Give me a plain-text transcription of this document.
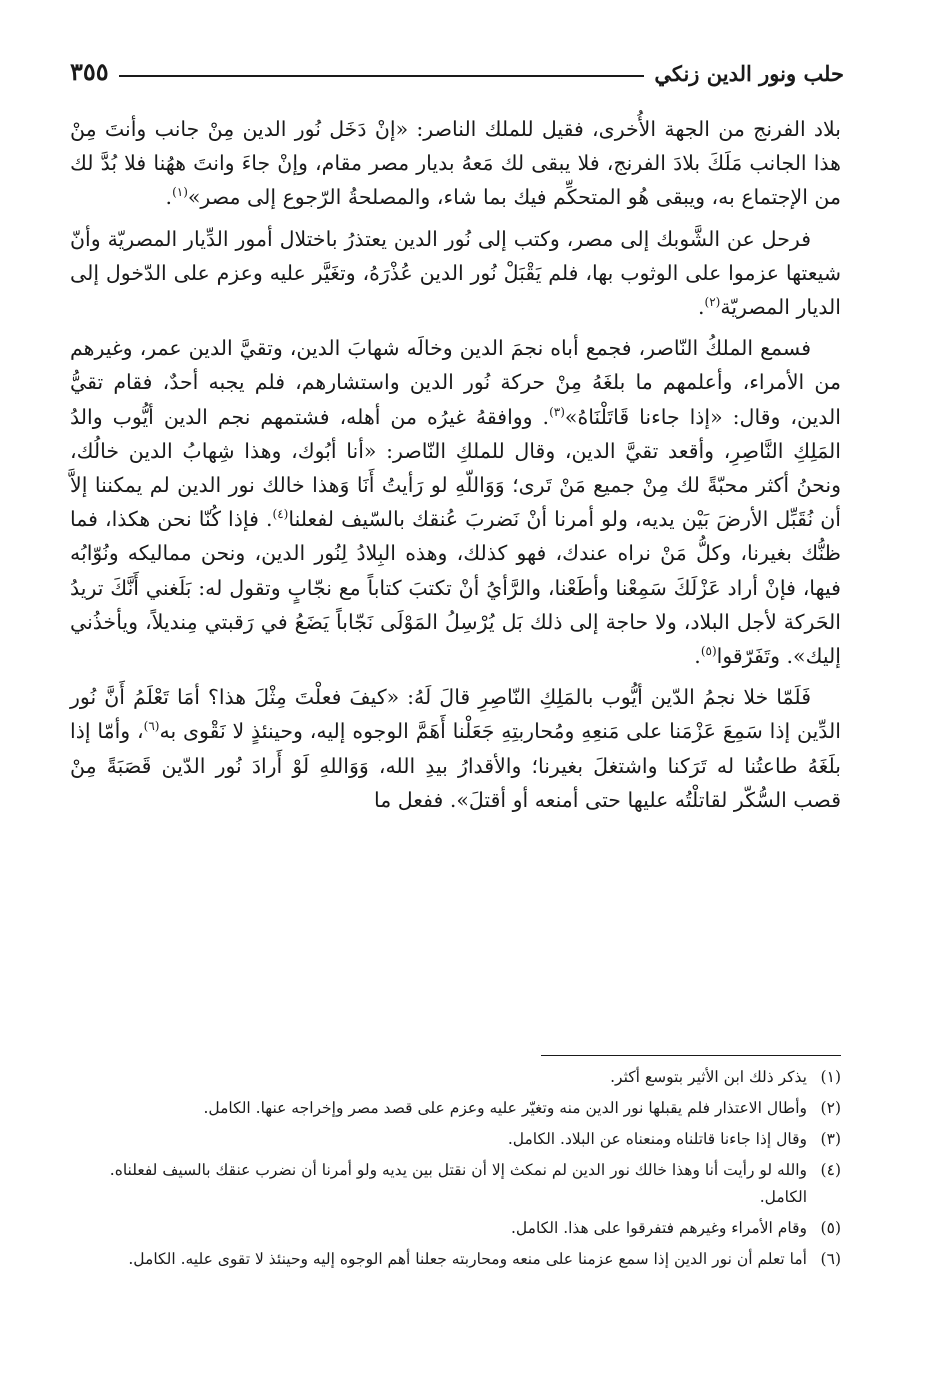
حلب ونور الدين زنكي
٣٥٥

بلاد الفرنج من الجهة الأُخرى، فقيل للملك الناصر: «إنْ دَخَل نُور الدين مِنْ جانب وأنتَ مِنْ هذا الجانب مَلَكَ بلادَ الفرنج، فلا يبقى لك مَعهُ بديار مصر مقام، وإنْ جاءَ وانتَ ههُنا فلا بُدَّ لك من الإجتماع به، ويبقى هُو المتحكِّم فيك بما شاء، والمصلحةُ الرّجوع إلى مصر»$^{(١)}$.

فرحل عن الشَّوبك إلى مصر، وكتب إلى نُور الدين يعتذرُ باختلال أمور الدِّيار المصريّة وأنّ شيعتها عزموا على الوثوب بها، فلم يَقْبَلْ نُور الدين عُذْرَهُ، وتغَيَّر عليه وعزم على الدّخول إلى الديار المصريّة$^{(٢)}$.

فسمع الملكُ النّاصر، فجمع أباه نجمَ الدين وخالَه شهابَ الدين، وتقيَّ الدين عمر، وغيرهم من الأمراء، وأعلمهم ما بلغَهُ مِنْ حركة نُور الدين واستشارهم، فلم يجبه أحدٌ، فقام تقيُّ الدين، وقال: «إذا جاءنا قَاتَلْنَاهُ»$^{(٣)}$. ووافقهُ غيرُه من أهله، فشتمهم نجم الدين أيُّوب والدُ المَلِكِ النَّاصِرِ، وأقعد تقيَّ الدين، وقال للملكِ النّاصر: «أنا أبُوك، وهذا شِهابُ الدين خالُك، ونحنُ أكثر محبّةً لك مِنْ جميع مَنْ تَرى؛ وَوَاللّهِ لو رَأيتُ أَنَا وَهذا خالك نور الدين لم يمكننا إلاَّ أن نُقَبِّل الأرضَ بَيْن يديه، ولو أمرنا أنْ نَضربَ عُنقك بالسّيف لفعلنا$^{(٤)}$. فإذا كُنّا نحن هكذا، فما ظنُّك بغيرنا، وكلُّ مَنْ نراه عندك، فهو كذلك، وهذه البِلادُ لِنُور الدين، ونحن مماليكه ونُوّابُه فيها، فإنْ أراد عَزْلَكَ سَمِعْنا وأطَعْنا، والرَّأيُ أنْ تكتبَ كتاباً مع نجّابٍ وتقول له: بَلَغني أَنَّكَ تريدُ الحَركة لأجل البلاد، ولا حاجة إلى ذلك بَل يُرْسِلُ المَوْلَى نَجّاباً يَضَعُ في رَقبتي مِنديلاً، ويأخذُني إليك». وتَفَرّقوا$^{(٥)}$.

فَلَمّا خلا نجمُ الدّين أيُّوب بالمَلِكِ النّاصِرِ قالَ لَهُ: «كيفَ فعلْتَ مِثْلَ هذا؟ أمَا تَعْلَمُ أَنَّ نُور الدِّين إذا سَمِعَ عَزْمَنا على مَنعِهِ ومُحاربتِهِ جَعَلْنا أَهَمَّ الوجوه إليه، وحينئذٍ لا نَقْوى به$^{(٦)}$، وأمّا إذا بلَغَهُ طاعتُنا له تَرَكنا واشتغلَ بغيرنا؛ والأقدارُ بيدِ الله، وَوَاللهِ لَوْ أَرادَ نُور الدّين قَصَبَةً مِنْ قصب السُّكّر لقاتلْتُه عليها حتى أمنعه أو أقتلَ». ففعل ما

(١)
يذكر ذلك ابن الأثير بتوسع أكثر.
(٢)
وأطال الاعتذار فلم يقبلها نور الدين منه وتغيّر عليه وعزم على قصد مصر وإخراجه عنها. الكامل.
(٣)
وقال إذا جاءنا قاتلناه ومنعناه عن البلاد. الكامل.
(٤)
والله لو رأيت أنا وهذا خالك نور الدين لم نمكث إلا أن نقتل بين يديه ولو أمرنا أن نضرب عنقك بالسيف لفعلناه. الكامل.
(٥)
وقام الأمراء وغيرهم فتفرقوا على هذا. الكامل.
(٦)
أما تعلم أن نور الدين إذا سمع عزمنا على منعه ومحاربته جعلنا أهم الوجوه إليه وحينئذ لا تقوى عليه. الكامل.
